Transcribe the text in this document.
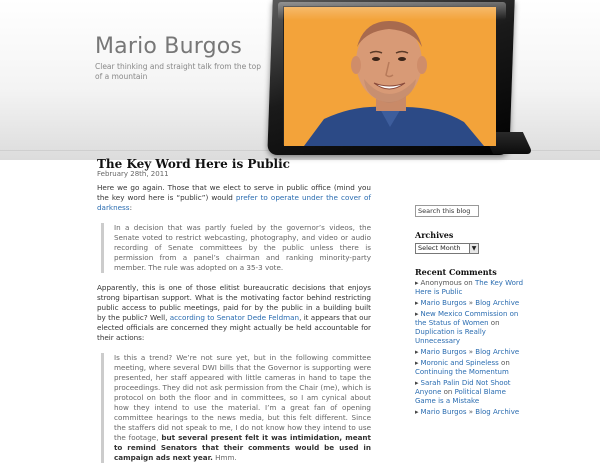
Mario Burgos
Clear thinking and straight talk from the top of a mountain
The Key Word Here is Public
February 28th, 2011

Here we go again. Those that we elect to serve in public office (mind you the key word here is “public”) would prefer to operate under the cover of darkness:

In a decision that was partly fueled by the governor’s videos, the Senate voted to restrict webcasting, photography, and video or audio recording of Senate committees by the public unless there is permission from a panel’s chairman and ranking minority-party member. The rule was adopted on a 35-3 vote.

Apparently, this is one of those elitist bureaucratic decisions that enjoys strong bipartisan support. What is the motivating factor behind restricting public access to public meetings, paid for by the public in a building built by the public? Well, according to Senator Dede Feldman, it appears that our elected officials are concerned they might actually be held accountable for their actions:

Is this a trend? We’re not sure yet, but in the following committee meeting, where several DWI bills that the Governor is supporting were presented, her staff appeared with little cameras in hand to tape the proceedings. They did not ask permission from the Chair (me), which is protocol on both the floor and in committees, so I am cynical about how they intend to use the material. I’m a great fan of opening committee hearings to the news media, but this felt different. Since the staffers did not speak to me, I do not know how they intend to use the footage, but several present felt it was intimidation, meant to remind Senators that their comments would be used in campaign ads next year. Hmm.
Search this blog
Archives
Select Month	▼
Recent Comments
▸ Anonymous on The Key Word Here is Public
▸ Mario Burgos » Blog Archive
▸ New Mexico Commission on the Status of Women on Duplication is Really Unnecessary
▸ Mario Burgos » Blog Archive
▸ Moronic and Spineless on Continuing the Momentum
▸ Sarah Palin Did Not Shoot Anyone on Political Blame Game is a Mistake
▸ Mario Burgos » Blog Archive
